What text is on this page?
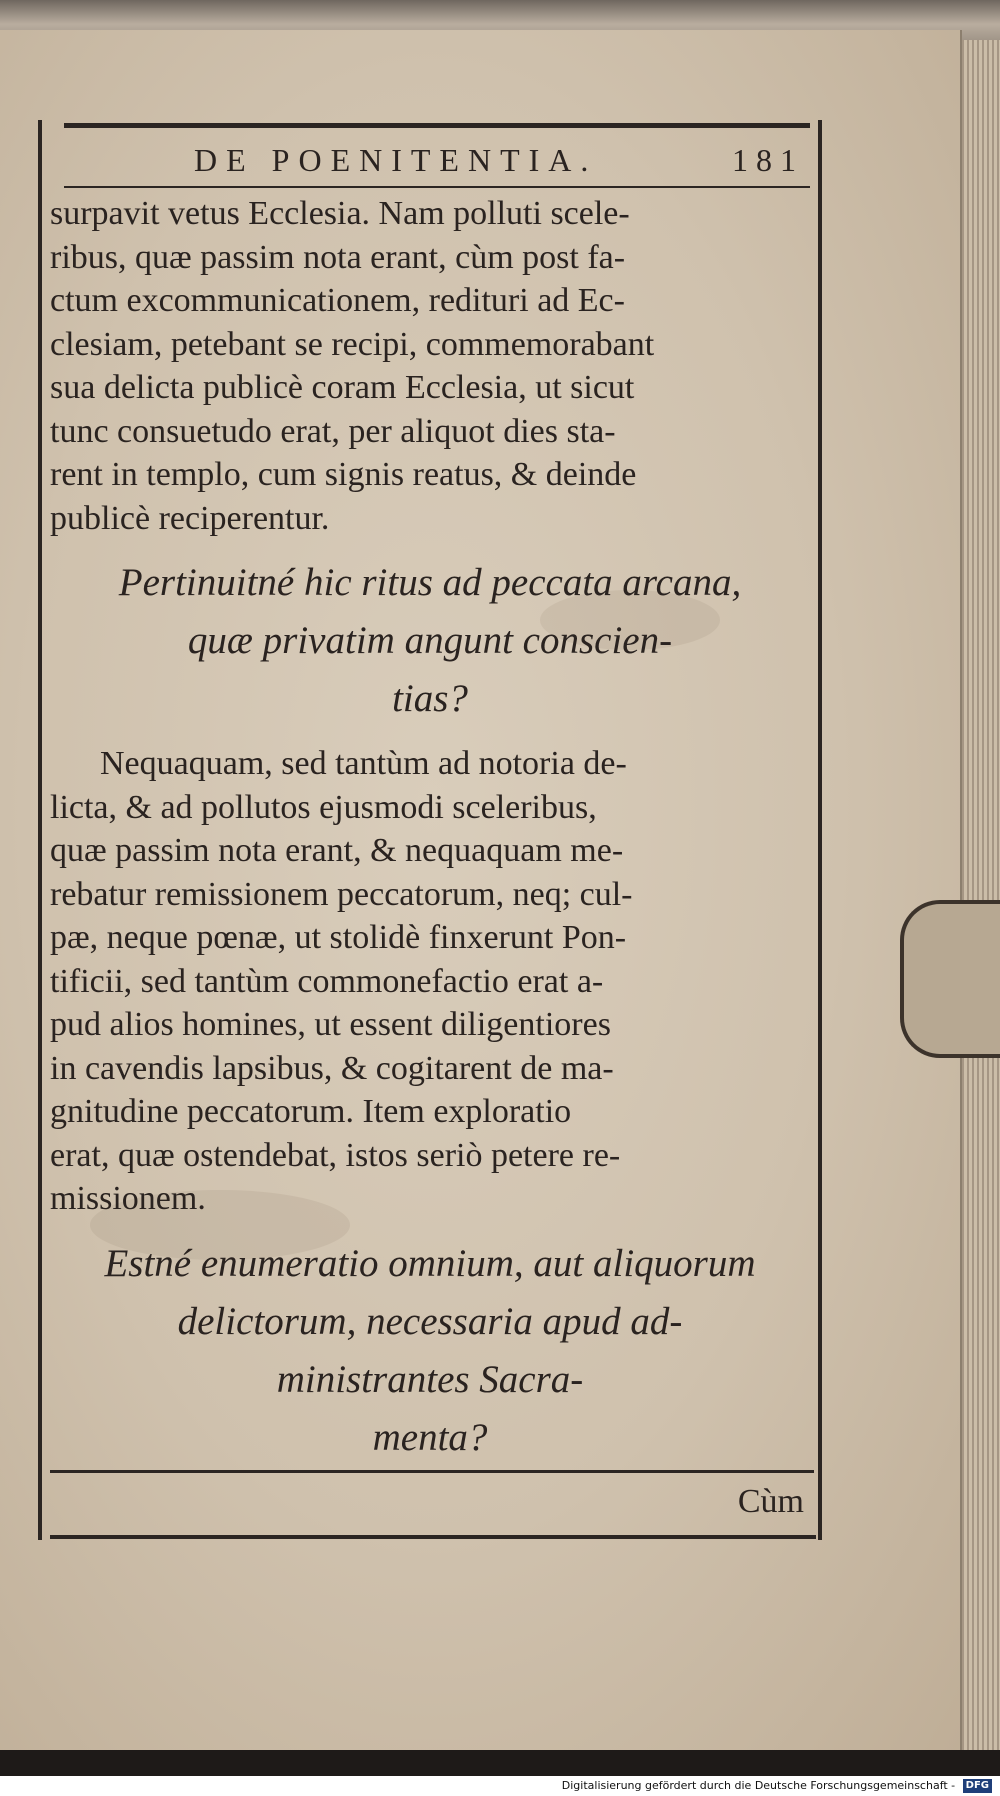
DE POENITENTIA.	181

surpavit vetus Ecclesia. Nam polluti scele-
ribus, quæ passim nota erant, cùm post fa-
ctum excommunicationem, redituri ad Ec-
clesiam, petebant se recipi, commemorabant
sua delicta publicè coram Ecclesia, ut sicut
tunc consuetudo erat, per aliquot dies sta-
rent in templo, cum signis reatus, & deinde
publicè reciperentur.

Pertinuitné hic ritus ad peccata arcana,
quæ privatim angunt conscien-
tias?

Nequaquam, sed tantùm ad notoria de-
licta, & ad pollutos ejusmodi sceleribus,
quæ passim nota erant, & nequaquam me-
rebatur remissionem peccatorum, neq; cul-
pæ, neque pœnæ, ut stolidè finxerunt Pon-
tificii, sed tantùm commonefactio erat a-
pud alios homines, ut essent diligentiores
in cavendis lapsibus, & cogitarent de ma-
gnitudine peccatorum. Item exploratio
erat, quæ ostendebat, istos seriò petere re-
missionem.

Estné enumeratio omnium, aut aliquorum
delictorum, necessaria apud ad-
ministrantes Sacra-
menta?

Cùm
Digitalisierung gefördert durch die Deutsche Forschungsgemeinschaft - DFG
